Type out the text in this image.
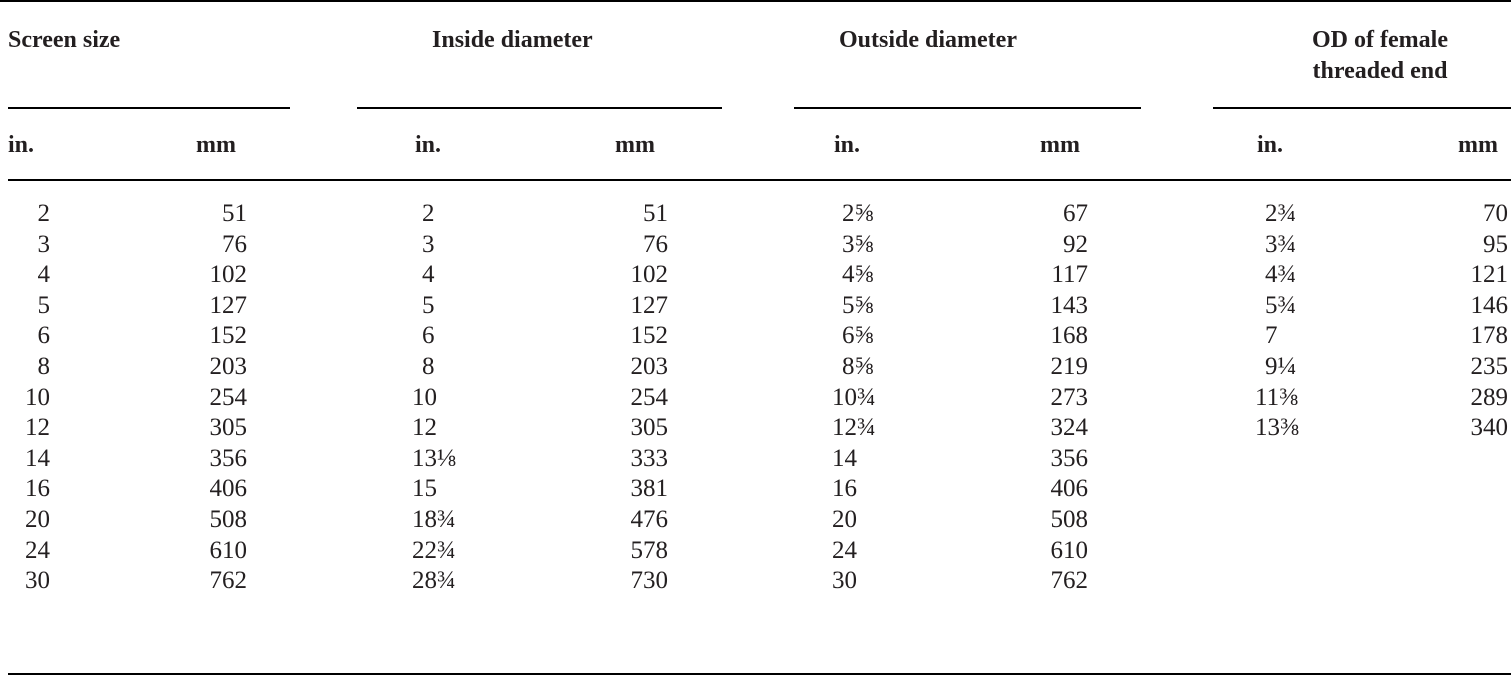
Screen size	Inside diameter	Outside diameter	OD of female
threaded end
in.	mm	in.	mm	in.	mm	in.	mm
2	51	2	51	2⅝	67	2¾	70
3	76	3	76	3⅝	92	3¾	95
4	102	4	102	4⅝	117	4¾	121
5	127	5	127	5⅝	143	5¾	146
6	152	6	152	6⅝	168	7	178
8	203	8	203	8⅝	219	9¼	235
10	254	10	254	10¾	273	11⅜	289
12	305	12	305	12¾	324	13⅜	340
14	356	13⅛	333	14	356
16	406	15	381	16	406
20	508	18¾	476	20	508
24	610	22¾	578	24	610
30	762	28¾	730	30	762
